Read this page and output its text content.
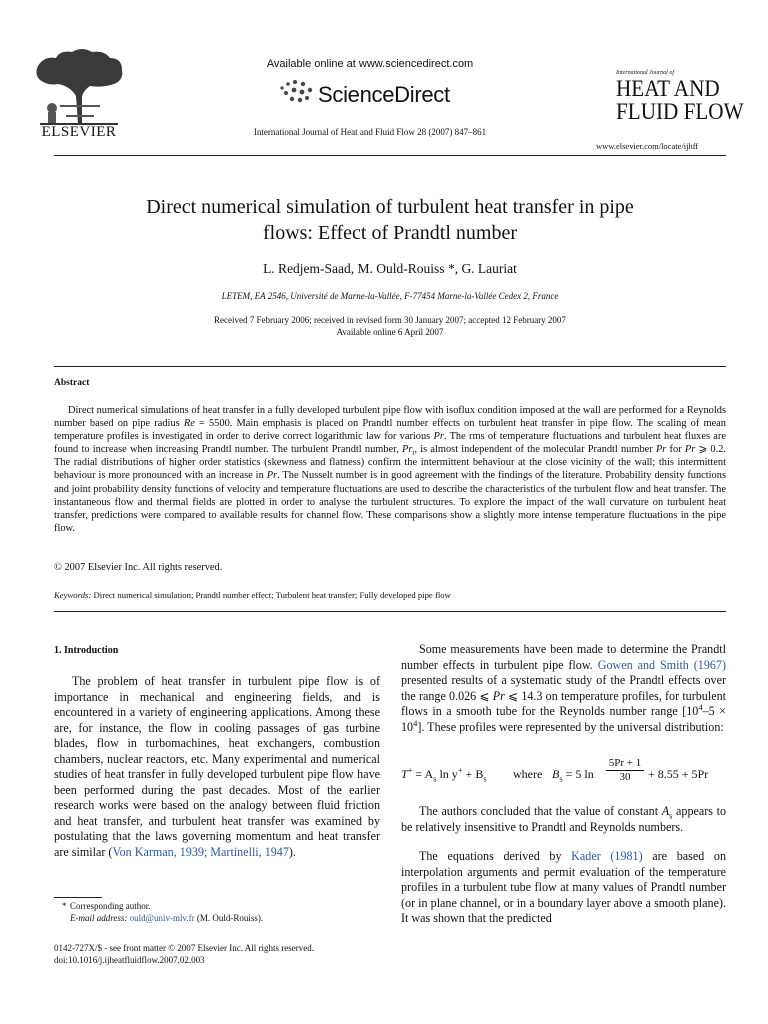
ELSEVIER
Available online at www.sciencedirect.com
ScienceDirect
International Journal of Heat and Fluid Flow 28 (2007) 847–861
International Journal of
HEAT AND
FLUID FLOW
www.elsevier.com/locate/ijhff
Direct numerical simulation of turbulent heat transfer in pipe
flows: Effect of Prandtl number
L. Redjem-Saad, M. Ould-Rouiss *, G. Lauriat
LETEM, EA 2546, Université de Marne-la-Vallée, F-77454 Marne-la-Vallée Cedex 2, France
Received 7 February 2006; received in revised form 30 January 2007; accepted 12 February 2007
Available online 6 April 2007
Abstract
Direct numerical simulations of heat transfer in a fully developed turbulent pipe flow with isoflux condition imposed at the wall are performed for a Reynolds number based on pipe radius Re = 5500. Main emphasis is placed on Prandtl number effects on turbulent heat transfer in pipe flow. The scaling of mean temperature profiles is investigated in order to derive correct logarithmic law for various Pr. The rms of temperature fluctuations and turbulent heat fluxes are found to increase when increasing Prandtl number. The turbulent Prandtl number, $Pr_t$, is almost independent of the molecular Prandtl number Pr for Pr ⩾ 0.2. The radial distributions of higher order statistics (skewness and flatness) confirm the intermittent behaviour at the close vicinity of the wall; this intermittent behaviour is more pronounced with an increase in Pr. The Nusselt number is in good agreement with the findings of the literature. Probability density functions and joint probability density functions of velocity and temperature fluctuations are used to describe the characteristics of the turbulent flow and heat transfer. The instantaneous flow and thermal fields are plotted in order to analyse the turbulent structures. To explore the impact of the wall curvature on turbulent heat transfer, predictions were compared to available results for channel flow. These comparisons show a slightly more intense temperature fluctuations in the pipe flow.
© 2007 Elsevier Inc. All rights reserved.
Keywords: Direct numerical simulation; Prandtl number effect; Turbulent heat transfer; Fully developed pipe flow
1. Introduction
The problem of heat transfer in turbulent pipe flow is of importance in mechanical and engineering fields, and is encountered in a variety of engineering applications. Among these are, for instance, the flow in cooling passages of gas turbine blades, flow in turbomachines, heat exchangers, combustion chambers, nuclear reactors, etc. Many experimental and numerical studies of heat transfer in fully developed turbulent pipe flow have been performed during the past decades. Most of the earlier research works were based on the analogy between fluid friction and heat transfer, and turbulent heat transfer was examined by postulating that the laws governing momentum and heat transfer are similar (Von Karman, 1939; Martinelli, 1947).
* Corresponding author.
E-mail address: ould@univ-mlv.fr (M. Ould-Rouiss).
0142-727X/$ - see front matter © 2007 Elsevier Inc. All rights reserved.
doi:10.1016/j.ijheatfluidflow.2007.02.003
Some measurements have been made to determine the Prandtl number effects in turbulent pipe flow. Gowen and Smith (1967) presented results of a systematic study of the Prandtl effects over the range 0.026 ⩽ Pr ⩽ 14.3 on temperature profiles, for turbulent flows in a smooth tube for the Reynolds number range $[10^4-5 \times 10^4]$. These profiles were represented by the universal distribution:
$T^+ = A_s$ $\ln y^+ + B_s$ where $B_s = 5$ $\ln \frac{5Pr + 1}{30} + 8.55 + 5Pr$
The authors concluded that the value of constant $A_s$ appears to be relatively insensitive to Prandtl and Reynolds numbers.
The equations derived by Kader (1981) are based on interpolation arguments and permit evaluation of the temperature profiles in a turbulent tube flow at many values of Prandtl number (or in plane channel, or in a boundary layer above a smooth plane). It was shown that the predicted
